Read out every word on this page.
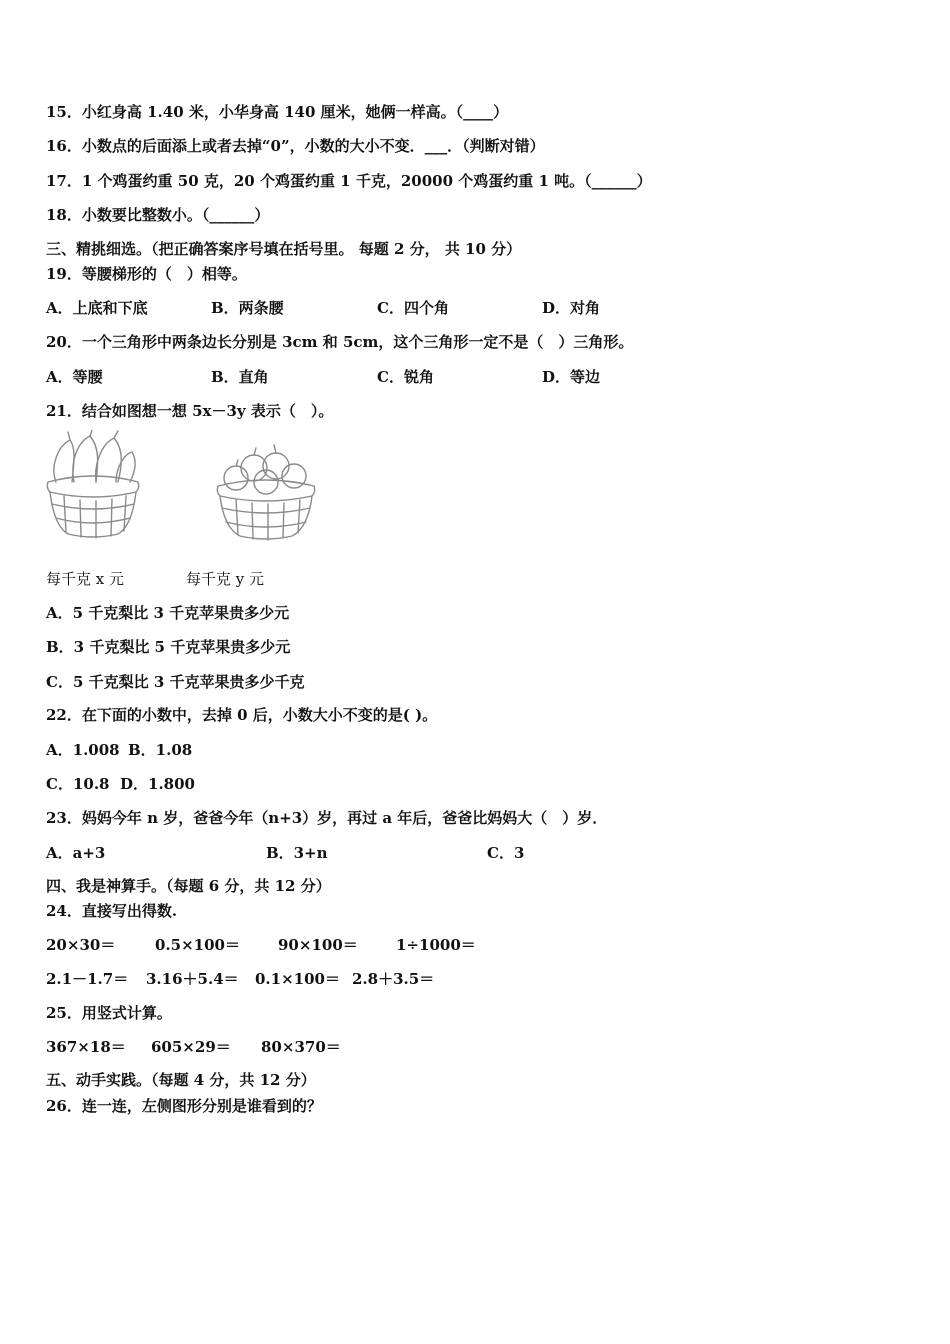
15．小红身高 1.40 米，小华身高 140 厘米，她俩一样高。（____）
16．小数点的后面添上或者去掉“0”，小数的大小不变．___．（判断对错）
17．1 个鸡蛋约重 50 克，20 个鸡蛋约重 1 千克，20000 个鸡蛋约重 1 吨。（______）
18．小数要比整数小。（______）
三、精挑细选。（把正确答案序号填在括号里。 每题 2 分， 共 10 分）
19．等腰梯形的（　）相等。
A．上底和下底	B．两条腰	C．四个角	D．对角
20．一个三角形中两条边长分别是 3cm 和 5cm，这个三角形一定不是（　）三角形。
A．等腰	B．直角	C．锐角	D．等边
21．结合如图想一想 5x－3y 表示（　）。
每千克 x 元	每千克 y 元
A．5 千克梨比 3 千克苹果贵多少元
B．3 千克梨比 5 千克苹果贵多少元
C．5 千克梨比 3 千克苹果贵多少千克
22．在下面的小数中，去掉 0 后，小数大小不变的是( )。
A．1.008 B．1.08
C．10.8 D．1.800
23．妈妈今年 n 岁，爸爸今年（n+3）岁，再过 a 年后，爸爸比妈妈大（　）岁．
A．a+3	B．3+n	C．3
四、我是神算手。（每题 6 分，共 12 分）
24．直接写出得数.
20×30＝	0.5×100＝	90×100＝	1÷1000＝
2.1－1.7＝ 3.16＋5.4＝ 0.1×100＝ 2.8＋3.5＝
25．用竖式计算。
367×18＝ 605×29＝ 80×370＝
五、动手实践。（每题 4 分，共 12 分）
26．连一连，左侧图形分别是谁看到的？
